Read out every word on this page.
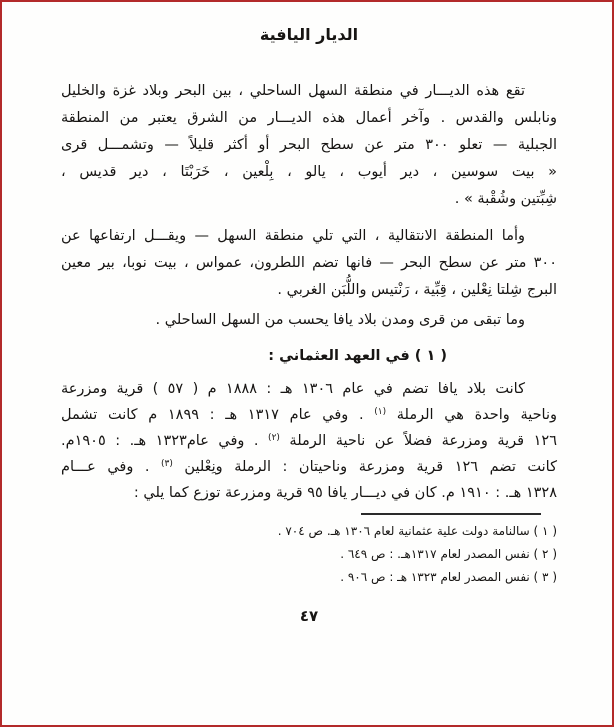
الديار اليافية
تقع هذه الديـــار في منطقة السهل الساحلي ، بين البحر وبلاد غزة والخليل
ونابلس والقدس . وآخر أعمال هذه الديـــار من الشرق يعتبر من المنطقة
الجبلية — تعلو ٣٠٠ متر عن سطح البحر أو أكثر قليلاً — وتشمـــل قرى
« بيت سوسين ، دير أيوب ، يالو ، بِلْعين ، خَرَبْتَا ، دير قديس ،
شِبِّتين وشُقْبة » .
وأما المنطقة الانتقالية ، التي تلي منطقة السهل — ويقـــل ارتفاعها عن
٣٠٠ متر عن سطح البحر — فانها تضم اللطرون، عمواس ، بيت نوبا، بير معين
البرج شِلتا نِعْلين ، قِبِّية ، رَنْتيس واللُّبَن الغربي .
وما تبقى من قرى ومدن بلاد يافا يحسب من السهل الساحلي .
( ١ ) في العهد العثماني :
كانت بلاد يافا تضم في عام ١٣٠٦ هـ : ١٨٨٨ م ( ٥٧ ) قرية ومزرعة
وناحية واحدة هي الرملة $^{(١)}$ . وفي عام ١٣١٧ هـ : ١٨٩٩ م كانت تشمل
١٢٦ قرية ومزرعة فضلاً عن ناحية الرملة $^{(٢)}$ . وفي عام١٣٢٣ هـ. : ١٩٠٥م.
كانت تضم ١٢٦ قرية ومزرعة وناحيتان : الرملة ونِعْلين $^{(٣)}$ . وفي عـــام
١٣٢٨ هـ. : ١٩١٠ م. كان في ديـــار يافا ٩٥ قرية ومزرعة توزع كما يلي :
( ١ ) سالنامة دولت علية عثمانية لعام ١٣٠٦ هـ. ص ٧٠٤ .
( ٢ ) نفس المصدر لعام ١٣١٧هـ. : ص ٦٤٩ .
( ٣ ) نفس المصدر لعام ١٣٢٣ هـ : ص ٩٠٦ .
٤٧
